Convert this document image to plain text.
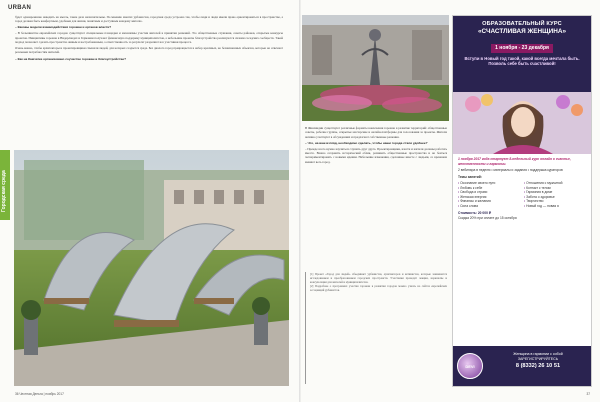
URBAN
Городская среда

будет одновременно наводить на мысль, такие дела незначительны. По мнению многих урбанистов, городская среда устроена так, чтобы люди и люди имели право ориентироваться в пространстве, а город должен быть комфортным, удобным для жизни, понятным и доступным каждому жителю.

– Каковы модели взаимодействия горожан и органов власти?

– В большинстве европейских городов существуют специальные площадки и механизмы участия жителей в принятии решений. Это общественные слушания, советы районов, открытые конкурсы проектов. Инициативы горожан в Нидерландах и Германии получают финансовую поддержку муниципалитетов, а небольшие проекты благоустройства реализуются силами соседских сообществ. Такой подход позволяет сделать пространство живым и востребованным, а ответственность за результат разделяют все участники процесса.

Очень важно, чтобы архитекторы и проектировщики слышали людей, для которых создается среда. Без диалога город превращается в набор красивых, но безжизненных объектов, которые не отвечают реальным потребностям жителей.

– Как на Камчатке организовано соучастие горожан в благоустройстве?

В Финляндии существуют различные форматы вовлечения горожан в развитие территорий: общественные советы, рабочие группы, открытые мастерские и онлайн-платформы для голосования за проекты. Жители активно участвуют в обсуждениях и предлагают собственные решения.

– Что, на ваш взгляд, необходимо сделать, чтобы наши города стали удобнее?

– Прежде всего нужно научиться слушать друг друга. Проектировщики, власти и жители должны работать вместе. Важно сохранять исторический облик, развивать общественные пространства и не бояться экспериментировать с новыми идеями. Небольшие изменения, сделанные вместе с людьми, со временем меняют весь город.

[1] Проект «Город для людей» объединяет урбанистов, архитекторов и активистов, которые занимаются исследованием и преобразованием городских пространств. Участники проводят лекции, воркшопы и консультации для жителей и муниципалитетов.

[2] Подробнее о программах участия горожан в развитии городов можно узнать на сайтах европейских ассоциаций урбанистов.

ОБРАЗОВАТЕЛЬНЫЙ КУРС
«СЧАСТЛИВАЯ ЖЕНЩИНА»
1 ноября - 23 декабря
Вступи в Новый год такой, какой всегда мечтала быть. Позволь себе быть счастливой!
1 ноября 2017 года стартует 8-недельный курс онлайн о счастье, женственности и гармонии.
2 вебинара в неделю • материалы и задания • поддержка кураторов
Темы занятий:
• Осознание своего пути	• Отношения с мужчиной
• Любовь к себе	• Контакт с телом
• Свобода и страхи	• Гармония в доме
• Женская энергия	• Забота о здоровье
• Финансы и желания	• Творчество
• Сила слова	• Новый год — новая я
Стоимость: 20 000 ₽
Скидка 20% при оплате до 15 октября
DEVI
Женщина в гармонии с собой
ЗАРЕГИСТРИРУЙТЕСЬ
8 (8332) 26 10 51
36 Честная Деньга | ноябрь 2017	37
